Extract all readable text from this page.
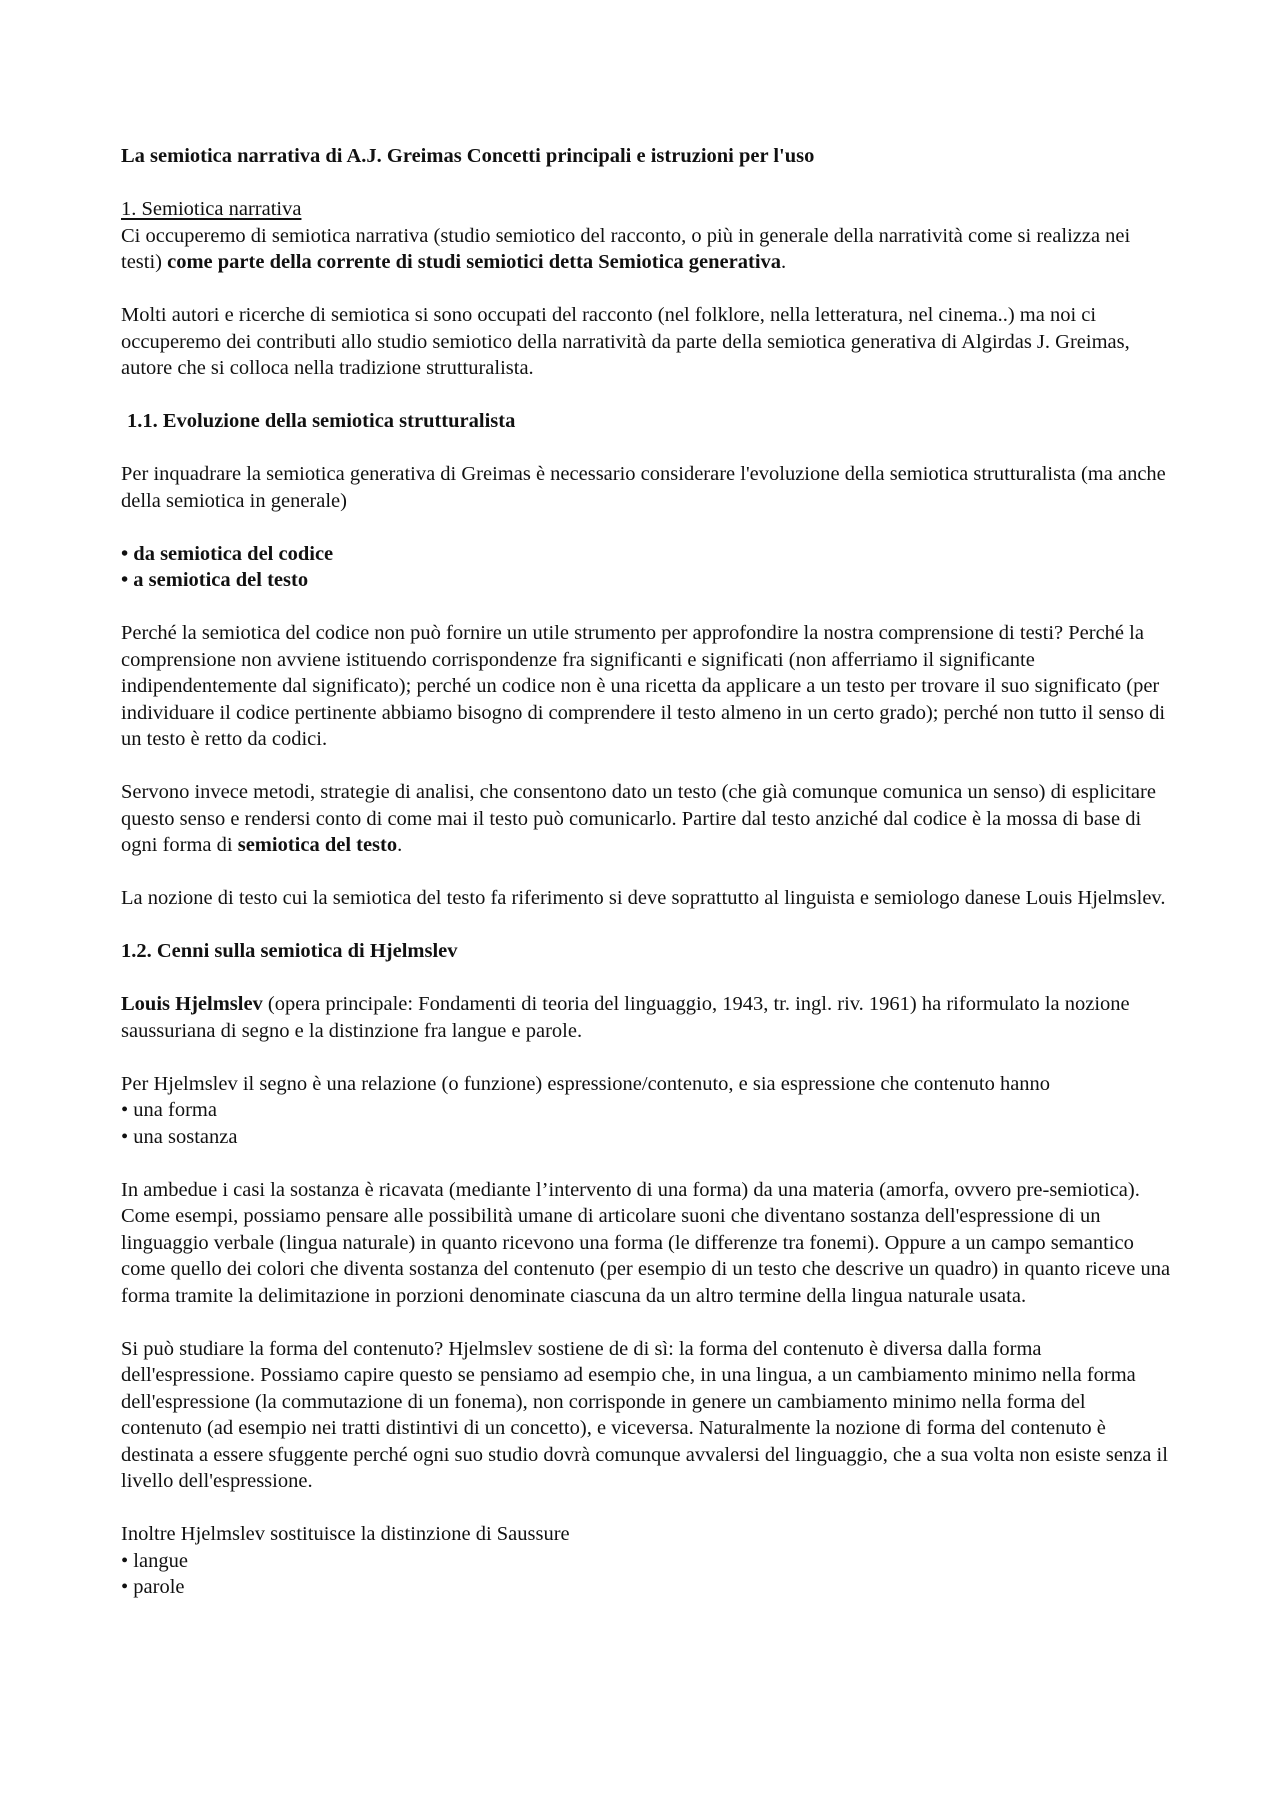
La semiotica narrativa di A.J. Greimas Concetti principali e istruzioni per l'uso

1. Semiotica narrativa

Ci occuperemo di semiotica narrativa (studio semiotico del racconto, o più in generale della narratività come si realizza nei testi) come parte della corrente di studi semiotici detta Semiotica generativa.

Molti autori e ricerche di semiotica si sono occupati del racconto (nel folklore, nella letteratura, nel cinema..) ma noi ci occuperemo dei contributi allo studio semiotico della narratività da parte della semiotica generativa di Algirdas J. Greimas, autore che si colloca nella tradizione strutturalista.

1.1. Evoluzione della semiotica strutturalista

Per inquadrare la semiotica generativa di Greimas è necessario considerare l'evoluzione della semiotica strutturalista (ma anche della semiotica in generale)

• da semiotica del codice
• a semiotica del testo

Perché la semiotica del codice non può fornire un utile strumento per approfondire la nostra comprensione di testi? Perché la comprensione non avviene istituendo corrispondenze fra significanti e significati (non afferriamo il significante indipendentemente dal significato); perché un codice non è una ricetta da applicare a un testo per trovare il suo significato (per individuare il codice pertinente abbiamo bisogno di comprendere il testo almeno in un certo grado); perché non tutto il senso di un testo è retto da codici.

Servono invece metodi, strategie di analisi, che consentono dato un testo (che già comunque comunica un senso) di esplicitare questo senso e rendersi conto di come mai il testo può comunicarlo. Partire dal testo anziché dal codice è la mossa di base di ogni forma di semiotica del testo.

La nozione di testo cui la semiotica del testo fa riferimento si deve soprattutto al linguista e semiologo danese Louis Hjelmslev.

1.2. Cenni sulla semiotica di Hjelmslev

Louis Hjelmslev (opera principale: Fondamenti di teoria del linguaggio, 1943, tr. ingl. riv. 1961) ha riformulato la nozione saussuriana di segno e la distinzione fra langue e parole.

Per Hjelmslev il segno è una relazione (o funzione) espressione/contenuto, e sia espressione che contenuto hanno

• una forma
• una sostanza

In ambedue i casi la sostanza è ricavata (mediante l’intervento di una forma) da una materia (amorfa, ovvero pre-semiotica). Come esempi, possiamo pensare alle possibilità umane di articolare suoni che diventano sostanza dell'espressione di un linguaggio verbale (lingua naturale) in quanto ricevono una forma (le differenze tra fonemi). Oppure a un campo semantico come quello dei colori che diventa sostanza del contenuto (per esempio di un testo che descrive un quadro) in quanto riceve una forma tramite la delimitazione in porzioni denominate ciascuna da un altro termine della lingua naturale usata.

Si può studiare la forma del contenuto? Hjelmslev sostiene de di sì: la forma del contenuto è diversa dalla forma dell'espressione. Possiamo capire questo se pensiamo ad esempio che, in una lingua, a un cambiamento minimo nella forma dell'espressione (la commutazione di un fonema), non corrisponde in genere un cambiamento minimo nella forma del contenuto (ad esempio nei tratti distintivi di un concetto), e viceversa. Naturalmente la nozione di forma del contenuto è destinata a essere sfuggente perché ogni suo studio dovrà comunque avvalersi del linguaggio, che a sua volta non esiste senza il livello dell'espressione.

Inoltre Hjelmslev sostituisce la distinzione di Saussure

• langue
• parole
